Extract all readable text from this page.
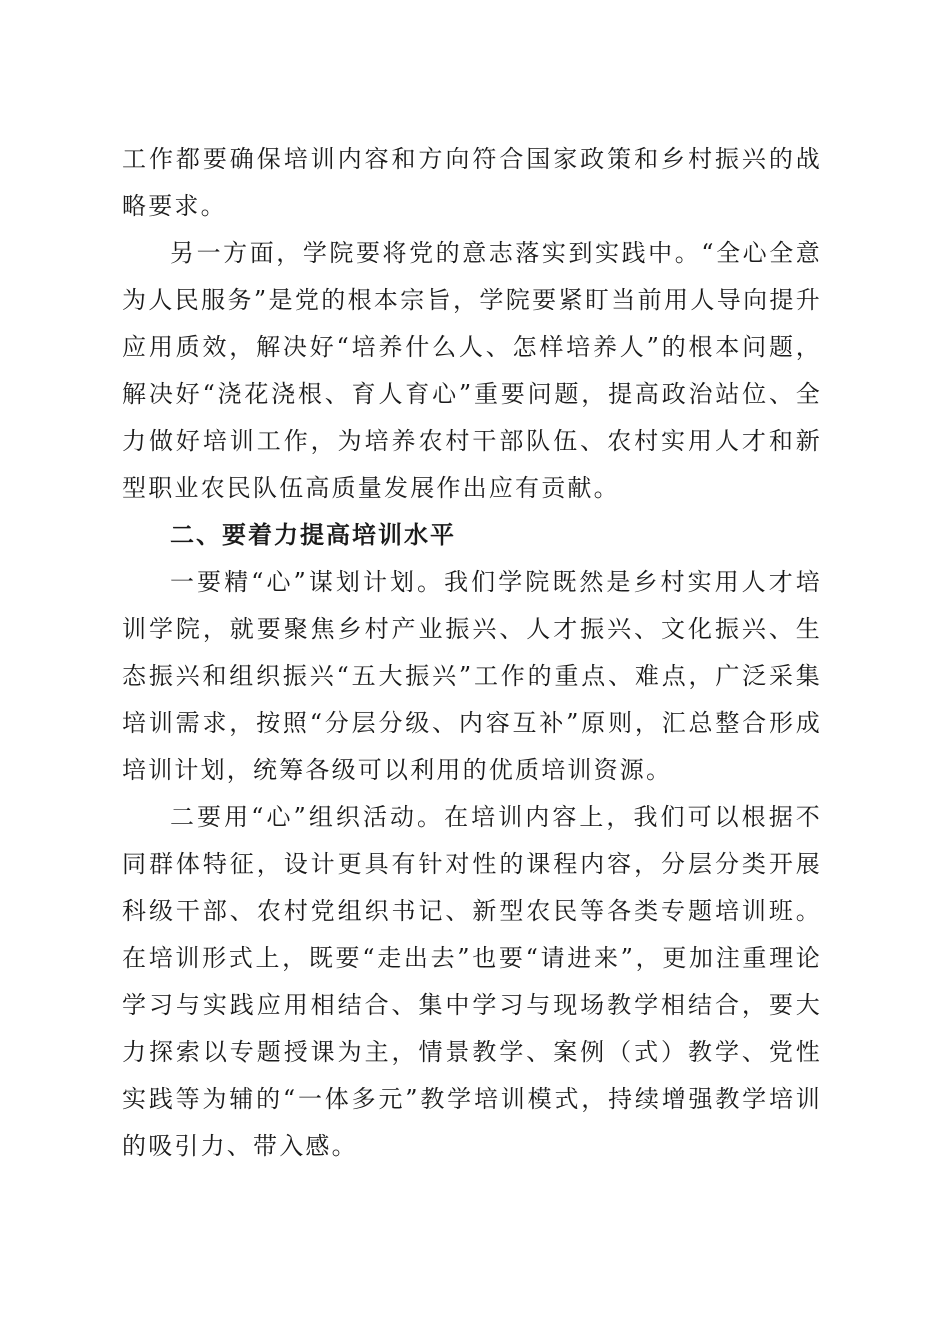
工作都要确保培训内容和方向符合国家政策和乡村振兴的战略要求。

另一方面，学院要将党的意志落实到实践中。“全心全意为人民服务”是党的根本宗旨，学院要紧盯当前用人导向提升应用质效，解决好“培养什么人、怎样培养人”的根本问题，解决好“浇花浇根、育人育心”重要问题，提高政治站位、全力做好培训工作，为培养农村干部队伍、农村实用人才和新型职业农民队伍高质量发展作出应有贡献。

二、要着力提高培训水平

一要精“心”谋划计划。我们学院既然是乡村实用人才培训学院，就要聚焦乡村产业振兴、人才振兴、文化振兴、生态振兴和组织振兴“五大振兴”工作的重点、难点，广泛采集培训需求，按照“分层分级、内容互补”原则，汇总整合形成培训计划，统筹各级可以利用的优质培训资源。

二要用“心”组织活动。在培训内容上，我们可以根据不同群体特征，设计更具有针对性的课程内容，分层分类开展科级干部、农村党组织书记、新型农民等各类专题培训班。在培训形式上，既要“走出去”也要“请进来”，更加注重理论学习与实践应用相结合、集中学习与现场教学相结合，要大力探索以专题授课为主，情景教学、案例（式）教学、党性实践等为辅的“一体多元”教学培训模式，持续增强教学培训的吸引力、带入感。
